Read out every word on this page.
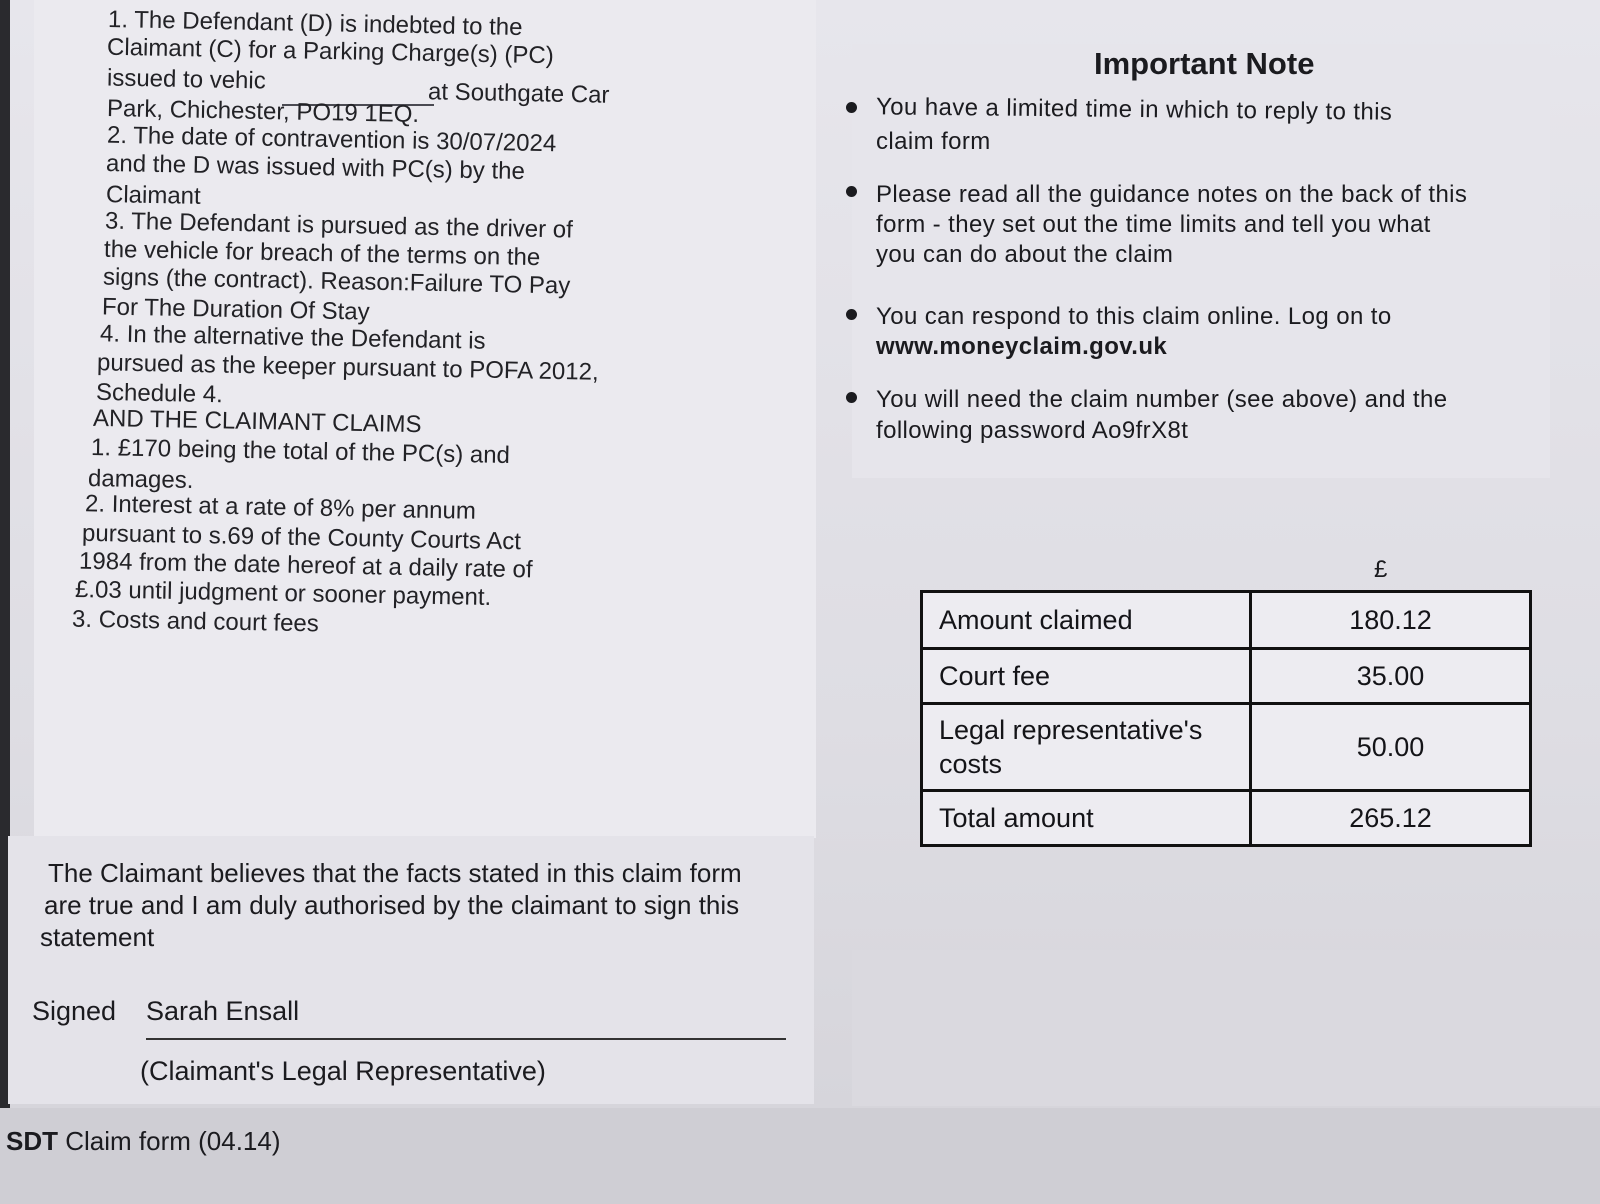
1. The Defendant (D) is indebted to the
Claimant (C) for a Parking Charge(s) (PC)
issued to vehic	at Southgate Car
Park, Chichester, PO19 1EQ.
2. The date of contravention is 30/07/2024
and the D was issued with PC(s) by the
Claimant
3. The Defendant is pursued as the driver of
the vehicle for breach of the terms on the
signs (the contract). Reason:Failure TO Pay
For The Duration Of Stay
4. In the alternative the Defendant is
pursued as the keeper pursuant to POFA 2012,
Schedule 4.
AND THE CLAIMANT CLAIMS
1. £170 being the total of the PC(s) and
damages.
2. Interest at a rate of 8% per annum
pursuant to s.69 of the County Courts Act
1984 from the date hereof at a daily rate of
£.03 until judgment or sooner payment.
3. Costs and court fees
Important Note
You have a limited time in which to reply to this
claim form
Please read all the guidance notes on the back of this
form - they set out the time limits and tell you what
you can do about the claim
You can respond to this claim online. Log on to
www.moneyclaim.gov.uk
You will need the claim number (see above) and the
following password Ao9frX8t
£
Amount claimed	180.12
Court fee	35.00
Legal representative's costs	50.00
Total amount	265.12
The Claimant believes that the facts stated in this claim form
are true and I am duly authorised by the claimant to sign this
statement
Signed Sarah Ensall
(Claimant's Legal Representative)
SDT Claim form (04.14)
